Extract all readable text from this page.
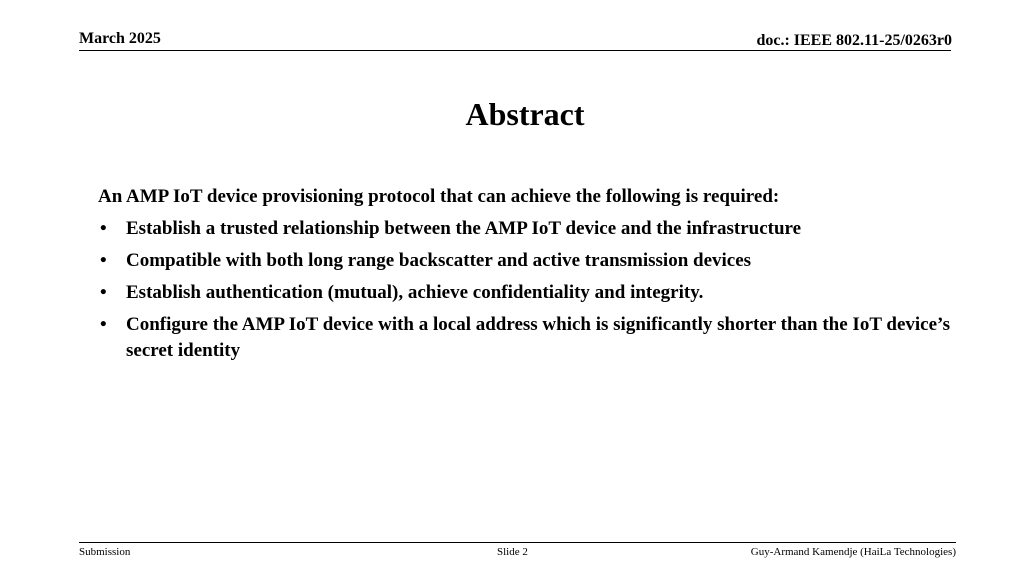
March 2025	doc.: IEEE 802.11-25/0263r0
Abstract
An AMP IoT device provisioning protocol that can achieve the following is required:
• Establish a trusted relationship between the AMP IoT device and the infrastructure
• Compatible with both long range backscatter and active transmission devices
• Establish authentication (mutual), achieve confidentiality and integrity.
• Configure the AMP IoT device with a local address which is significantly shorter than the IoT device’s secret identity
Submission	Slide 2	Guy-Armand Kamendje (HaiLa Technologies)
